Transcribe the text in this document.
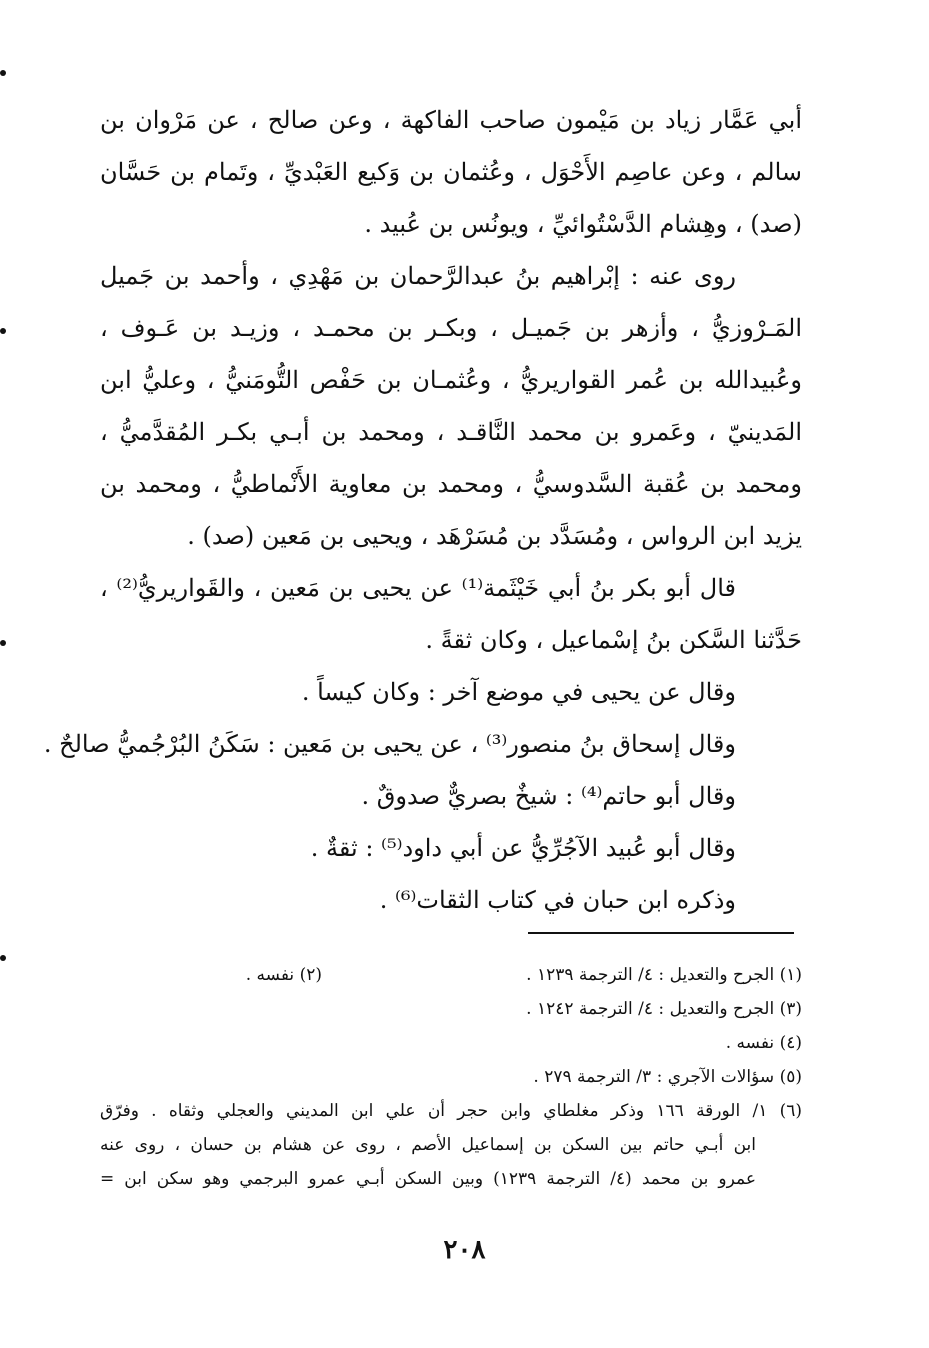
أبي عَمَّار زياد بن مَيْمون صاحب الفاكهة ، وعن صالح ، عن مَرْوان بن
سالم ، وعن عاصِم الأَحْوَل ، وعُثمان بن وَكيع العَبْديِّ ، وتَمام بن حَسَّان
(صد) ، وهِشام الدَّسْتُوائيِّ ، ويونُس بن عُبيد .
روى عنه : إبْراهيم بنُ عبدالرَّحمان بن مَهْدِي ، وأحمد بن جَميل
المَـرْوزيُّ ، وأزهر بن جَميـل ، وبكـر بن محمـد ، وزيـد بن عَـوف ،
وعُبيدالله بن عُمر القواريريُّ ، وعُثمـان بن حَفْص التُّومَنيُّ ، وعليُّ ابن
المَدينيّ ، وعَمرو بن محمد النَّاقـد ، ومحمد بن أبـي بكـر المُقدَّميُّ ،
ومحمد بن عُقبة السَّدوسيُّ ، ومحمد بن معاوية الأَنْماطيُّ ، ومحمد بن
يزيد ابن الرواس ، ومُسَدَّد بن مُسَرْهَد ، ويحيى بن مَعين (صد) .
قال أبو بكر بنُ أبي خَيْثَمة⁽¹⁾ عن يحيى بن مَعين ، والقَواريريُّ⁽²⁾ ،
حَدَّثنا السَّكن بنُ إسْماعيل ، وكان ثقةً .
وقال عن يحيى في موضع آخر : وكان كيساً .
وقال إسحاق بنُ منصور⁽³⁾ ، عن يحيى بن مَعين : سَكَنُ البُرْجُميُّ صالحٌ .
وقال أبو حاتم⁽⁴⁾ : شيخٌ بصريٌّ صدوقٌ .
وقال أبو عُبيد الآجُرِّيُّ عن أبي داود⁽⁵⁾ : ثقةٌ .
وذكره ابن حبان في كتاب الثقات⁽⁶⁾ .
(١) الجرح والتعديل : ٤/ الترجمة ١٢٣٩ .
(٢) نفسه .
(٣) الجرح والتعديل : ٤/ الترجمة ١٢٤٢ .
(٤) نفسه .
(٥) سؤالات الآجري : ٣/ الترجمة ٢٧٩ .
(٦) ١/ الورقة ١٦٦ وذكر مغلطاي وابن حجر أن علي ابن المديني والعجلي وثقاه . وفرّق
ابن أبـي حاتم بين السكن بن إسماعيل الأصم ، روى عن هشام بن حسان ، روى عنه
عمرو بن محمد (٤/ الترجمة ١٢٣٩) وبين السكن أبـي عمرو البرجمي وهو سكن ابن =
٢٠٨
